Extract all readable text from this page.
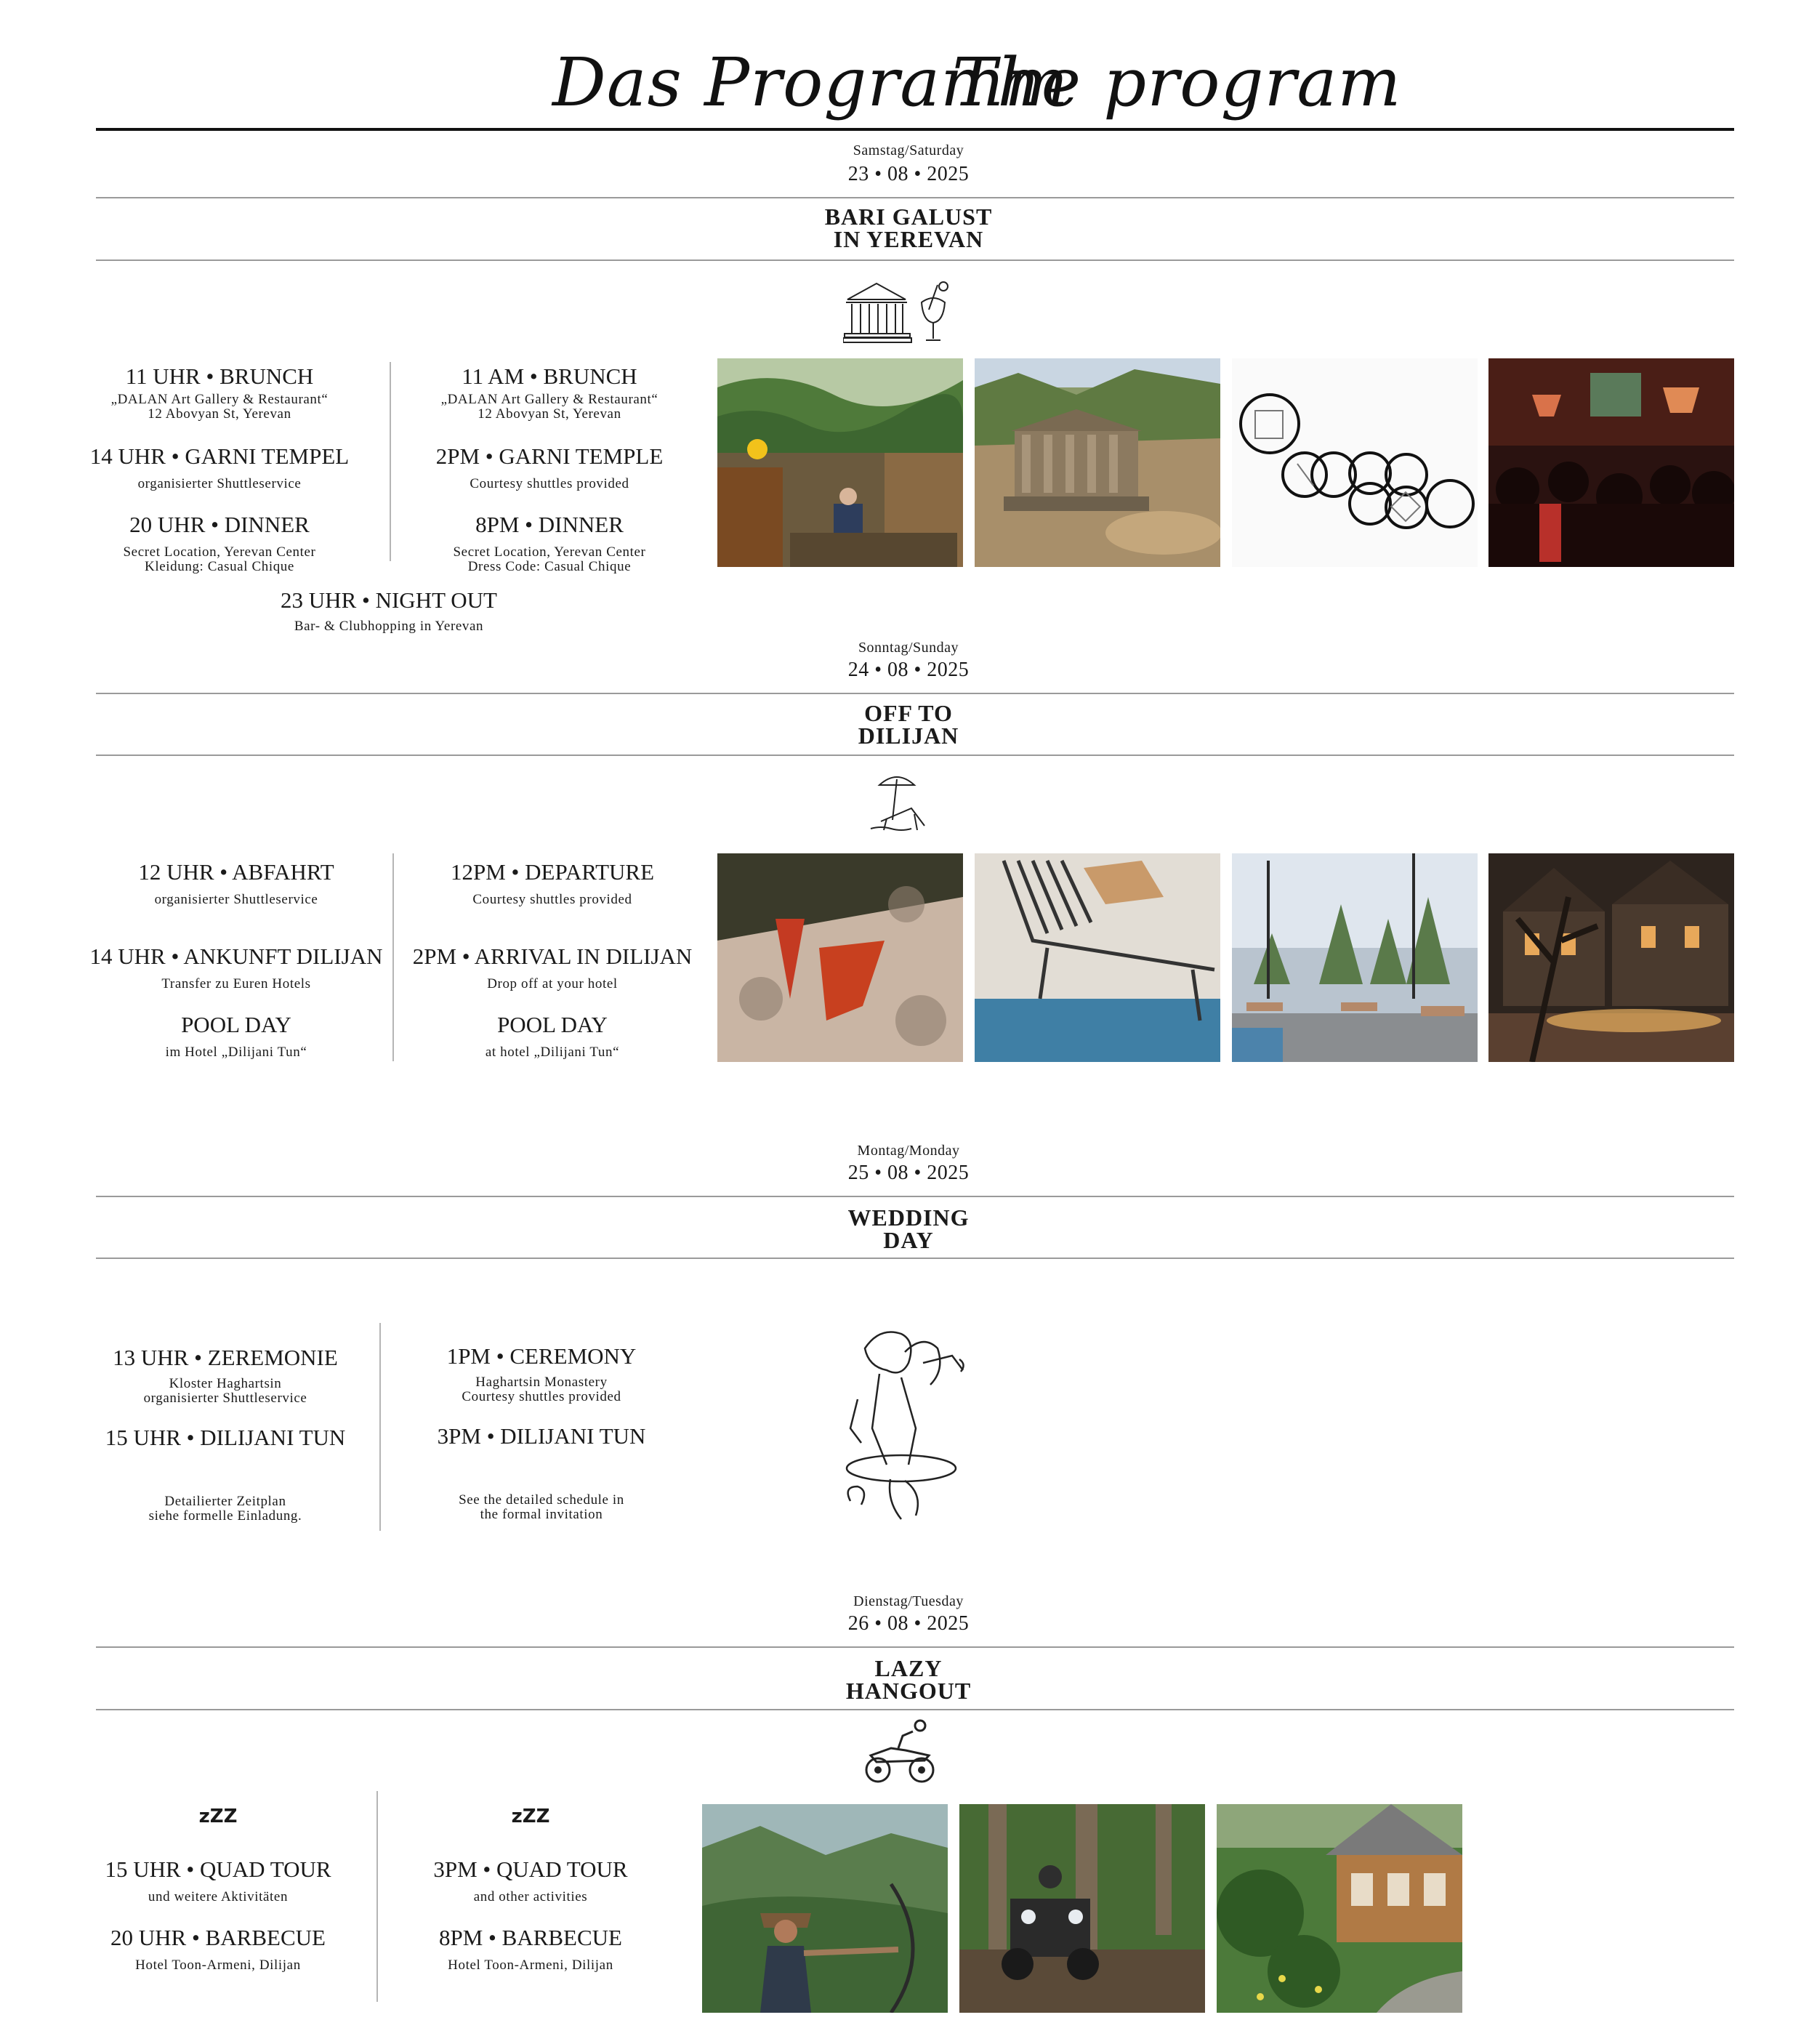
Das Programm
The program
Samstag/Saturday
23 • 08 • 2025
BARI GALUST
IN YEREVAN
11 UHR • BRUNCH
„DALAN Art Gallery & Restaurant“
12 Abovyan St, Yerevan
14 UHR • GARNI TEMPEL
organisierter Shuttleservice
20 UHR • DINNER
Secret Location, Yerevan Center
Kleidung: Casual Chique
11 AM • BRUNCH
„DALAN Art Gallery & Restaurant“
12 Abovyan St, Yerevan
2PM • GARNI TEMPLE
Courtesy shuttles provided
8PM • DINNER
Secret Location, Yerevan Center
Dress Code: Casual Chique
23 UHR • NIGHT OUT
Bar- & Clubhopping in Yerevan
Sonntag/Sunday
24 • 08 • 2025
OFF TO
DILIJAN
12 UHR • ABFAHRT
organisierter Shuttleservice
14 UHR • ANKUNFT DILIJAN
Transfer zu Euren Hotels
POOL DAY
im Hotel „Dilijani Tun“
12PM • DEPARTURE
Courtesy shuttles provided
2PM • ARRIVAL IN DILIJAN
Drop off at your hotel
POOL DAY
at hotel „Dilijani Tun“
Montag/Monday
25 • 08 • 2025
WEDDING
DAY
13 UHR • ZEREMONIE
Kloster Haghartsin
organisierter Shuttleservice
15 UHR • DILIJANI TUN
Detailierter Zeitplan
siehe formelle Einladung.
1PM • CEREMONY
Haghartsin Monastery
Courtesy shuttles provided
3PM • DILIJANI TUN
See the detailed schedule in
the formal invitation
Dienstag/Tuesday
26 • 08 • 2025
LAZY
HANGOUT
zZZ
15 UHR • QUAD TOUR
und weitere Aktivitäten
20 UHR • BARBECUE
Hotel Toon-Armeni, Dilijan
zZZ
3PM • QUAD TOUR
and other activities
8PM • BARBECUE
Hotel Toon-Armeni, Dilijan
